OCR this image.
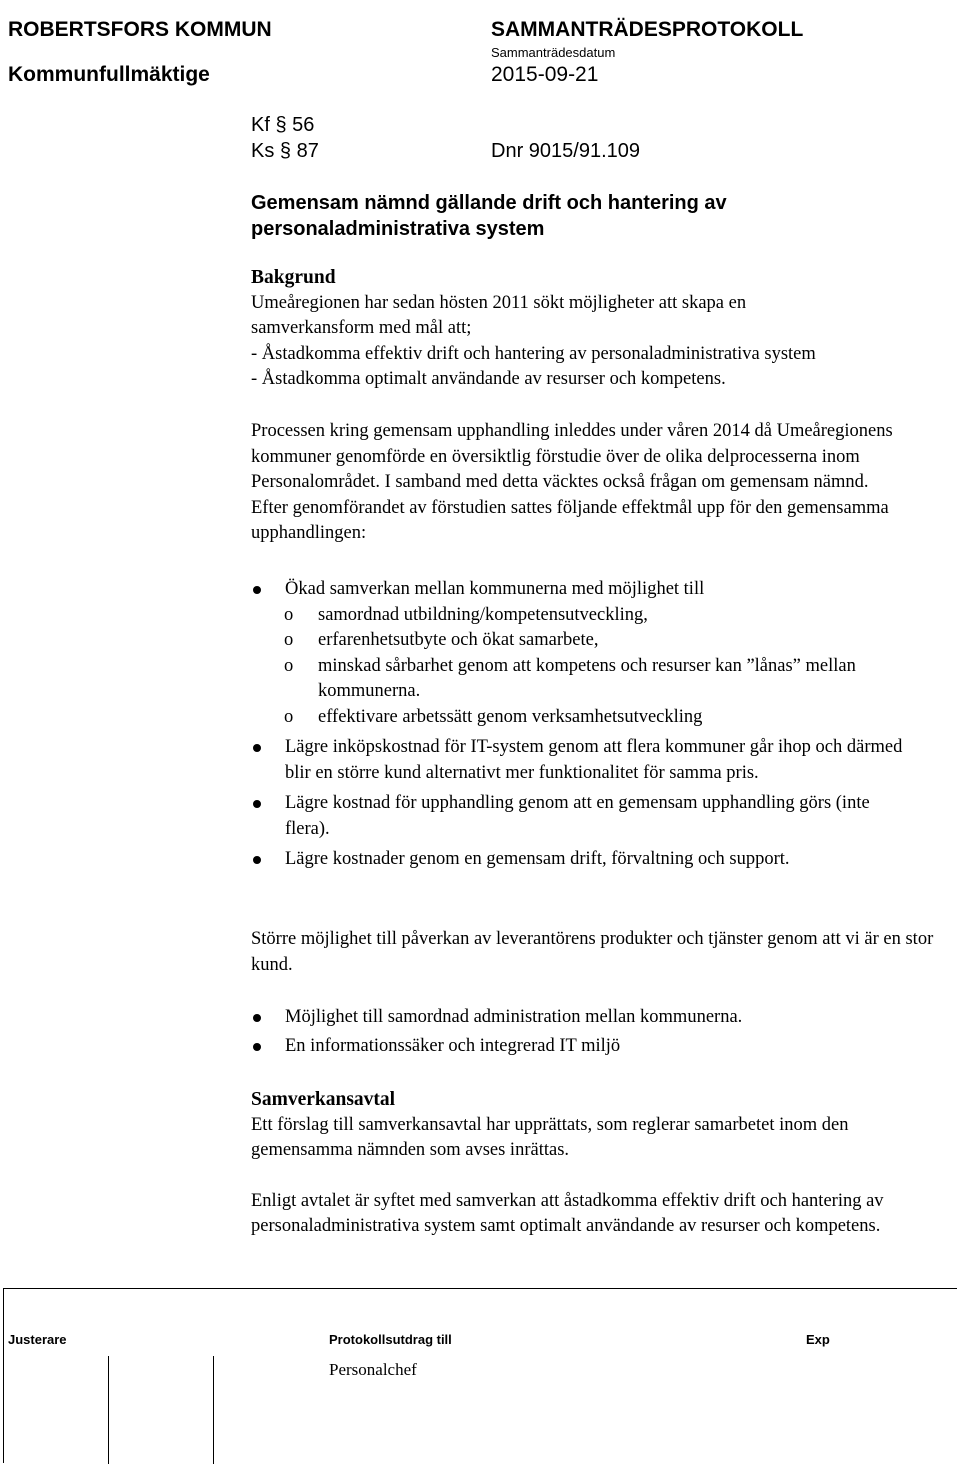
ROBERTSFORS KOMMUN
Kommunfullmäktige
SAMMANTRÄDESPROTOKOLL
Sammanträdesdatum
2015-09-21
Kf § 56
Ks § 87	Dnr 9015/91.109
Gemensam nämnd gällande drift och hantering av personaladministrativa system
Bakgrund
Umeåregionen har sedan hösten 2011 sökt möjligheter att skapa en
samverkansform med mål att;
- Åstadkomma effektiv drift och hantering av personaladministrativa system
- Åstadkomma optimalt användande av resurser och kompetens.

Processen kring gemensam upphandling inleddes under våren 2014 då Umeåregionens kommuner genomförde en översiktlig förstudie över de olika delprocesserna inom Personalområdet. I samband med detta väcktes också frågan om gemensam nämnd.

Efter genomförandet av förstudien sattes följande effektmål upp för den gemensamma upphandlingen:

Ökad samverkan mellan kommunerna med möjlighet till
o samordnad utbildning/kompetensutveckling,
o erfarenhetsutbyte och ökat samarbete,
o minskad sårbarhet genom att kompetens och resurser kan ”lånas” mellan kommunerna.
o effektivare arbetssätt genom verksamhetsutveckling
Lägre inköpskostnad för IT-system genom att flera kommuner går ihop och därmed blir en större kund alternativt mer funktionalitet för samma pris.
Lägre kostnad för upphandling genom att en gemensam upphandling görs (inte flera).
Lägre kostnader genom en gemensam drift, förvaltning och support.

Större möjlighet till påverkan av leverantörens produkter och tjänster genom att vi är en stor kund.

Möjlighet till samordnad administration mellan kommunerna.
En informationssäker och integrerad IT miljö
Samverkansavtal

Ett förslag till samverkansavtal har upprättats, som reglerar samarbetet inom den gemensamma nämnden som avses inrättas.

Enligt avtalet är syftet med samverkan att åstadkomma effektiv drift och hantering av personaladministrativa system samt optimalt användande av resurser och kompetens.

Justerare	Protokollsutdrag till	Exp
Personalchef
